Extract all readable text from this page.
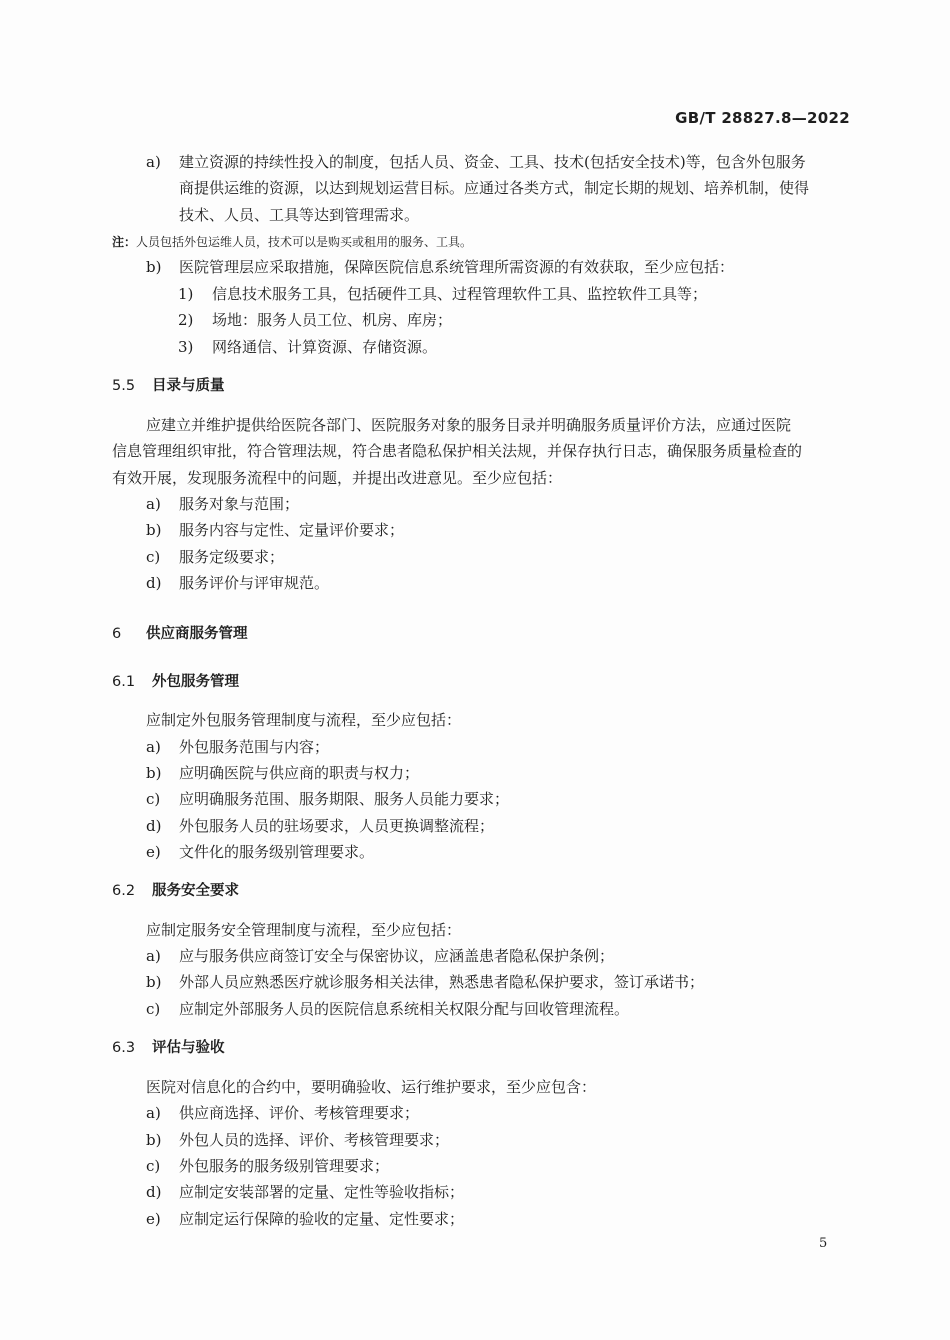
GB/T 28827.8—2022
a) 建立资源的持续性投入的制度，包括人员、资金、工具、技术(包括安全技术)等，包含外包服务
商提供运维的资源，以达到规划运营目标。应通过各类方式，制定长期的规划、培养机制，使得
技术、人员、工具等达到管理需求。
注：人员包括外包运维人员，技术可以是购买或租用的服务、工具。
b) 医院管理层应采取措施，保障医院信息系统管理所需资源的有效获取，至少应包括：
1) 信息技术服务工具，包括硬件工具、过程管理软件工具、监控软件工具等；
2) 场地：服务人员工位、机房、库房；
3) 网络通信、计算资源、存储资源。
5.5 目录与质量
应建立并维护提供给医院各部门、医院服务对象的服务目录并明确服务质量评价方法，应通过医院
信息管理组织审批，符合管理法规，符合患者隐私保护相关法规，并保存执行日志，确保服务质量检查的
有效开展，发现服务流程中的问题，并提出改进意见。至少应包括：
a) 服务对象与范围；
b) 服务内容与定性、定量评价要求；
c) 服务定级要求；
d) 服务评价与评审规范。
6 供应商服务管理
6.1 外包服务管理
应制定外包服务管理制度与流程，至少应包括：
a) 外包服务范围与内容；
b) 应明确医院与供应商的职责与权力；
c) 应明确服务范围、服务期限、服务人员能力要求；
d) 外包服务人员的驻场要求，人员更换调整流程；
e) 文件化的服务级别管理要求。
6.2 服务安全要求
应制定服务安全管理制度与流程，至少应包括：
a) 应与服务供应商签订安全与保密协议，应涵盖患者隐私保护条例；
b) 外部人员应熟悉医疗就诊服务相关法律，熟悉患者隐私保护要求，签订承诺书；
c) 应制定外部服务人员的医院信息系统相关权限分配与回收管理流程。
6.3 评估与验收
医院对信息化的合约中，要明确验收、运行维护要求，至少应包含：
a) 供应商选择、评价、考核管理要求；
b) 外包人员的选择、评价、考核管理要求；
c) 外包服务的服务级别管理要求；
d) 应制定安装部署的定量、定性等验收指标；
e) 应制定运行保障的验收的定量、定性要求；
5
